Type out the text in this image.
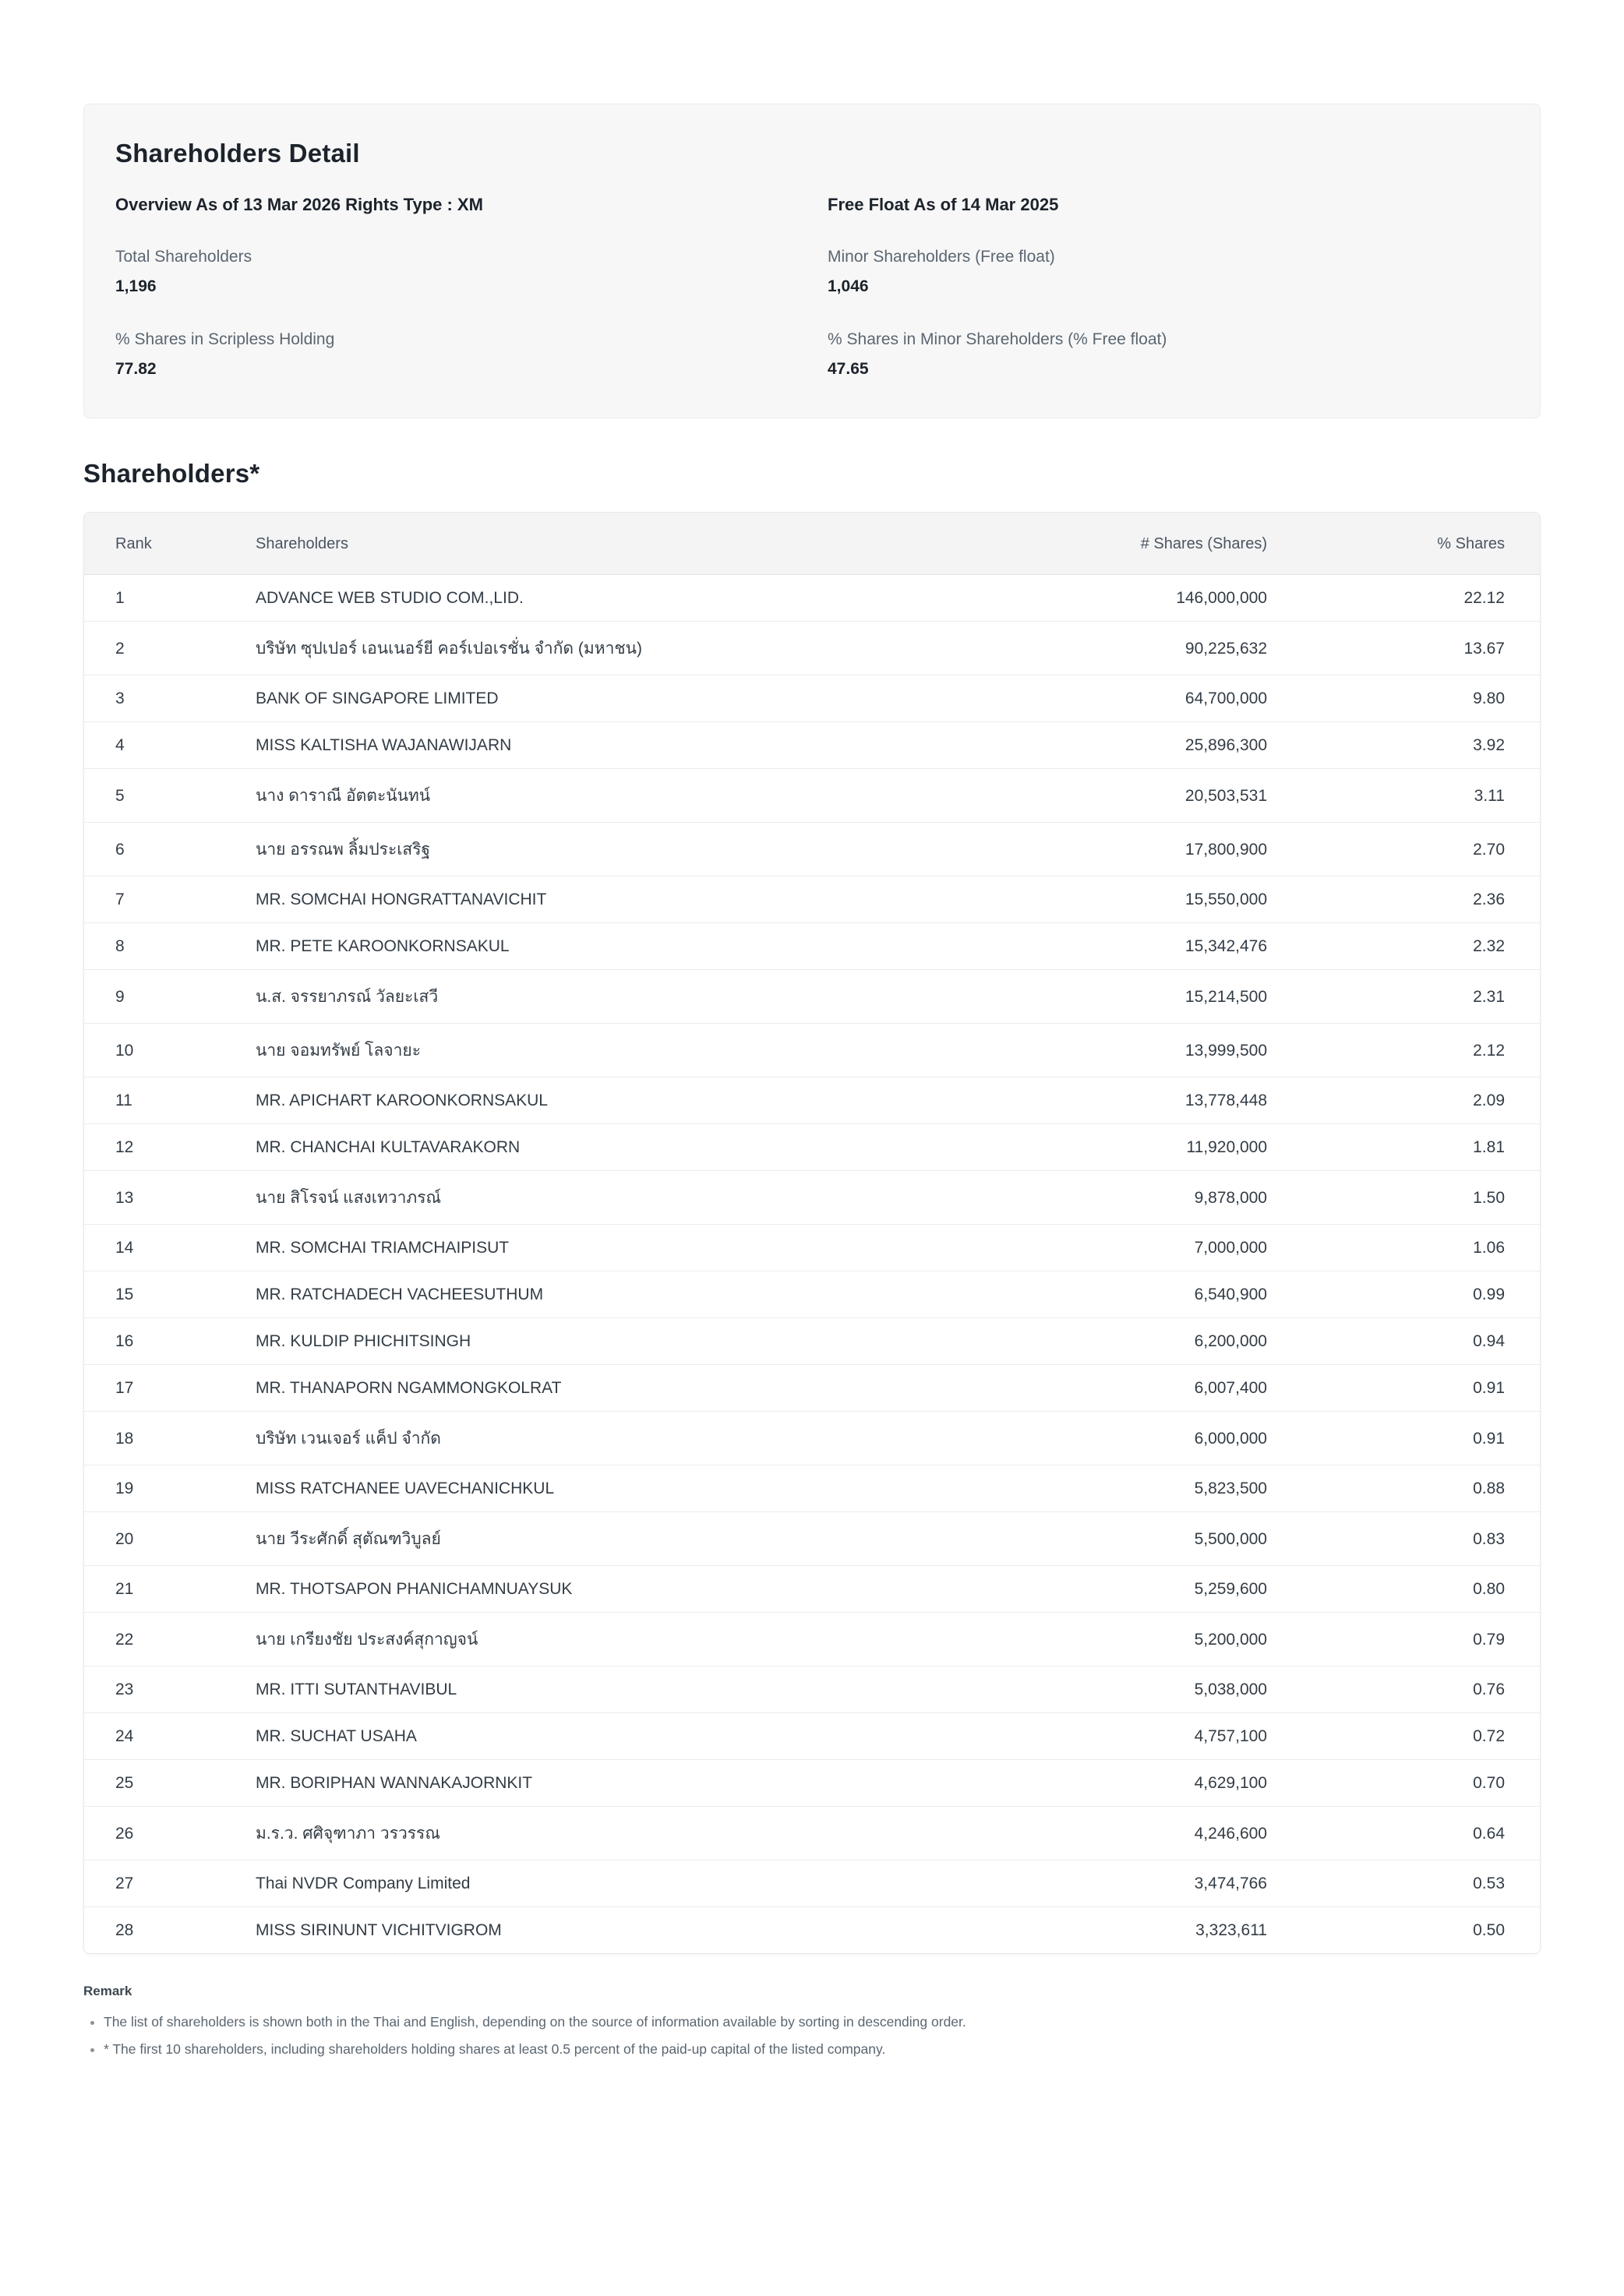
Shareholders Detail
Overview As of 13 Mar 2026 Rights Type : XM
Total Shareholders
1,196
% Shares in Scripless Holding
77.82
Free Float As of 14 Mar 2025
Minor Shareholders (Free float)
1,046
% Shares in Minor Shareholders (% Free float)
47.65
Shareholders*
Rank	Shareholders	# Shares (Shares)	% Shares
1	ADVANCE WEB STUDIO COM.,LID.	146,000,000	22.12
2	บริษัท ซุปเปอร์ เอนเนอร์ยี คอร์เปอเรชั่น จำกัด (มหาชน)	90,225,632	13.67
3	BANK OF SINGAPORE LIMITED	64,700,000	9.80
4	MISS KALTISHA WAJANAWIJARN	25,896,300	3.92
5	นาง ดาราณี อัตตะนันทน์	20,503,531	3.11
6	นาย อรรณพ ลิ้มประเสริฐ	17,800,900	2.70
7	MR. SOMCHAI HONGRATTANAVICHIT	15,550,000	2.36
8	MR. PETE KAROONKORNSAKUL	15,342,476	2.32
9	น.ส. จรรยาภรณ์ วัลยะเสวี	15,214,500	2.31
10	นาย จอมทรัพย์ โลจายะ	13,999,500	2.12
11	MR. APICHART KAROONKORNSAKUL	13,778,448	2.09
12	MR. CHANCHAI KULTAVARAKORN	11,920,000	1.81
13	นาย สิโรจน์ แสงเทวาภรณ์	9,878,000	1.50
14	MR. SOMCHAI TRIAMCHAIPISUT	7,000,000	1.06
15	MR. RATCHADECH VACHEESUTHUM	6,540,900	0.99
16	MR. KULDIP PHICHITSINGH	6,200,000	0.94
17	MR. THANAPORN NGAMMONGKOLRAT	6,007,400	0.91
18	บริษัท เวนเจอร์ แค็ป จำกัด	6,000,000	0.91
19	MISS RATCHANEE UAVECHANICHKUL	5,823,500	0.88
20	นาย วีระศักดิ์ สุตัณฑวิบูลย์	5,500,000	0.83
21	MR. THOTSAPON PHANICHAMNUAYSUK	5,259,600	0.80
22	นาย เกรียงชัย ประสงค์สุกาญจน์	5,200,000	0.79
23	MR. ITTI SUTANTHAVIBUL	5,038,000	0.76
24	MR. SUCHAT USAHA	4,757,100	0.72
25	MR. BORIPHAN WANNAKAJORNKIT	4,629,100	0.70
26	ม.ร.ว. ศศิจุฑาภา วรวรรณ	4,246,600	0.64
27	Thai NVDR Company Limited	3,474,766	0.53
28	MISS SIRINUNT VICHITVIGROM	3,323,611	0.50
Remark
• The list of shareholders is shown both in the Thai and English, depending on the source of information available by sorting in descending order.
• * The first 10 shareholders, including shareholders holding shares at least 0.5 percent of the paid-up capital of the listed company.
